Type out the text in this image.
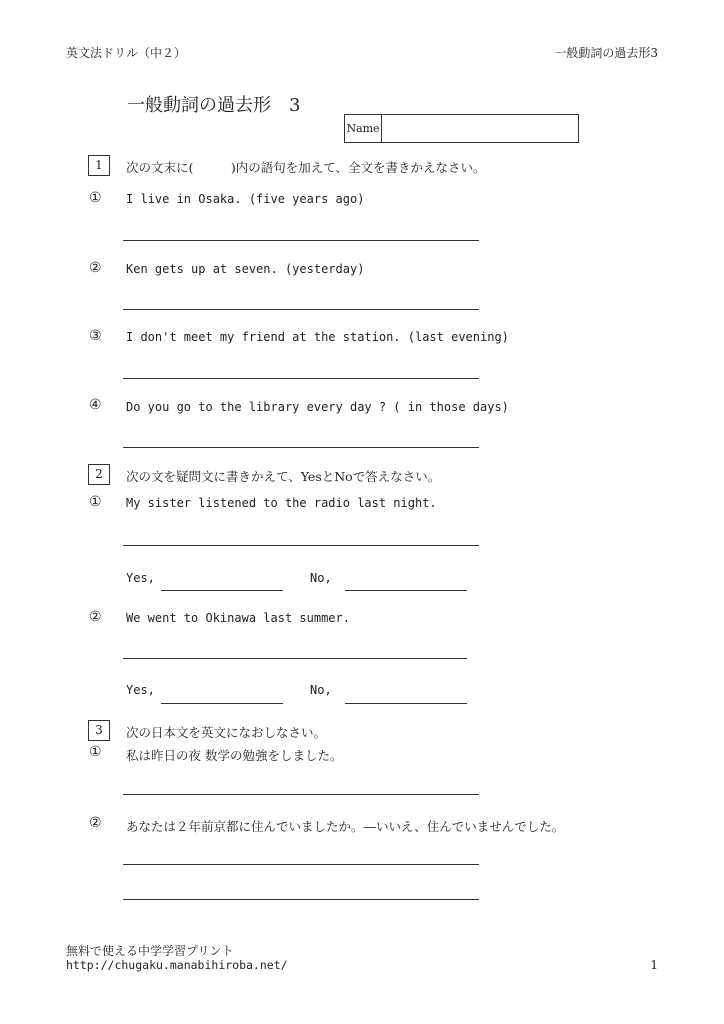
英文法ドリル（中２）	一般動詞の過去形3
一般動詞の過去形　3
Name
1	次の文末に(　　　)内の語句を加えて、全文を書きかえなさい。
① I live in Osaka. (five years ago)
② Ken gets up at seven. (yesterday)
③ I don't meet my friend at the station. (last evening)
④ Do you go to the library every day ? ( in those days)
2	次の文を疑問文に書きかえて、YesとNoで答えなさい。
① My sister listened to the radio last night.
Yes,	No,
② We went to Okinawa last summer.
Yes,	No,
3	次の日本文を英文になおしなさい。
① 私は昨日の夜 数学の勉強をしました。
② あなたは２年前京都に住んでいましたか。―いいえ、住んでいませんでした。
無料で使える中学学習プリント
http://chugaku.manabihiroba.net/	1
